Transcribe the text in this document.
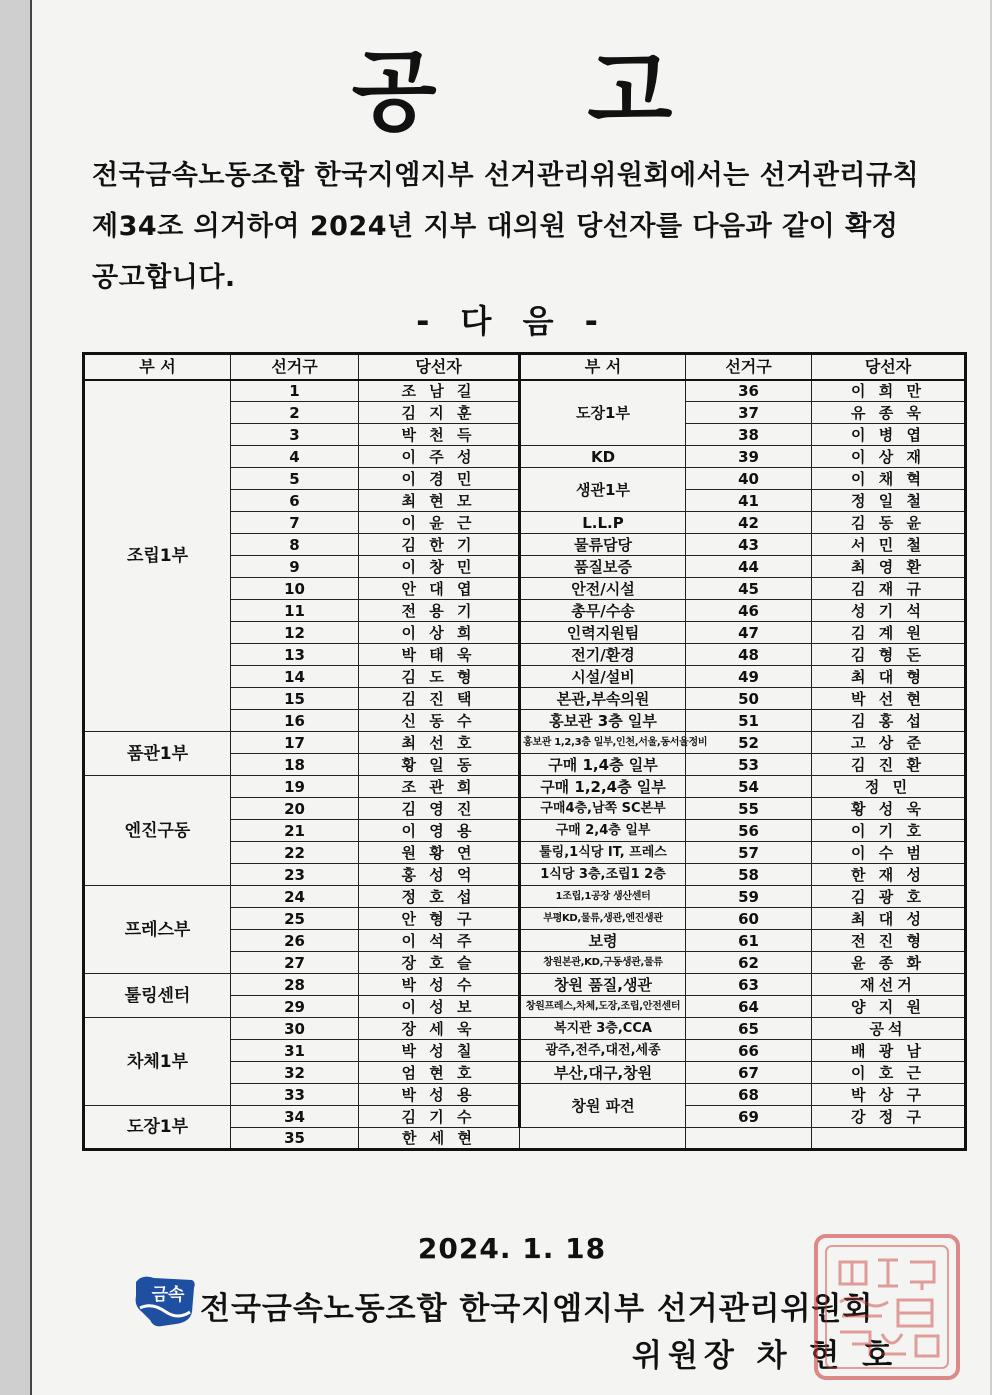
공 고
전국금속노동조합 한국지엠지부 선거관리위원회에서는 선거관리규칙
제34조 의거하여 2024년 지부 대의원 당선자를 다음과 같이 확정
공고합니다.
- 다 음 -
부 서	선거구	당선자	부 서	선거구	당선자
조립1부	1	조 남 길	도장1부	36	이 희 만
	2	김 지 훈		37	유 종 욱
	3	박 천 득		38	이 병 엽
	4	이 주 성	KD	39	이 상 재
	5	이 경 민	생관1부	40	이 채 혁
	6	최 현 모		41	정 일 철
	7	이 윤 근	L.L.P	42	김 동 윤
	8	김 한 기	물류담당	43	서 민 철
	9	이 창 민	품질보증	44	최 영 환
	10	안 대 엽	안전/시설	45	김 재 규
	11	전 용 기	총무/수송	46	성 기 석
	12	이 상 희	인력지원팀	47	김 계 원
	13	박 태 욱	전기/환경	48	김 형 돈
	14	김 도 형	시설/설비	49	최 대 형
	15	김 진 택	본관,부속의원	50	박 선 현
	16	신 동 수	홍보관 3층 일부	51	김 홍 섭
품관1부	17	최 선 호	홍보관 1,2,3층 일부,인천,서울,동서울정비	52	고 상 준
	18	황 일 동	구매 1,4층 일부	53	김 진 환
엔진구동	19	조 관 희	구매 1,2,4층 일부	54	정 민
	20	김 영 진	구매4층,남쪽 SC본부	55	황 성 욱
	21	이 영 용	구매 2,4층 일부	56	이 기 호
	22	원 황 연	툴링,1식당 IT, 프레스	57	이 수 범
	23	홍 성 억	1식당 3층,조립1 2층	58	한 재 성
프레스부	24	정 호 섭	1조립,1공장 생산센터	59	김 광 호
	25	안 형 구	부평KD,물류,생관,엔진생관	60	최 대 성
	26	이 석 주	보령	61	전 진 형
	27	장 호 슬	창원본관,KD,구동생관,물류	62	윤 종 화
툴링센터	28	박 성 수	창원 품질,생관	63	재선거
	29	이 성 보	창원프레스,차체,도장,조립,안전센터	64	양 지 원
차체1부	30	장 세 욱	복지관 3층,CCA	65	공석
	31	박 성 칠	광주,전주,대전,세종	66	배 광 남
	32	엄 현 호	부산,대구,창원	67	이 호 근
	33	박 성 용	창원 파견	68	박 상 구
도장1부	34	김 기 수		69	강 정 구
	35	한 세 현			
2024. 1. 18
금속 전국금속노동조합 한국지엠지부 선거관리위원회
위원장 차 현 호
